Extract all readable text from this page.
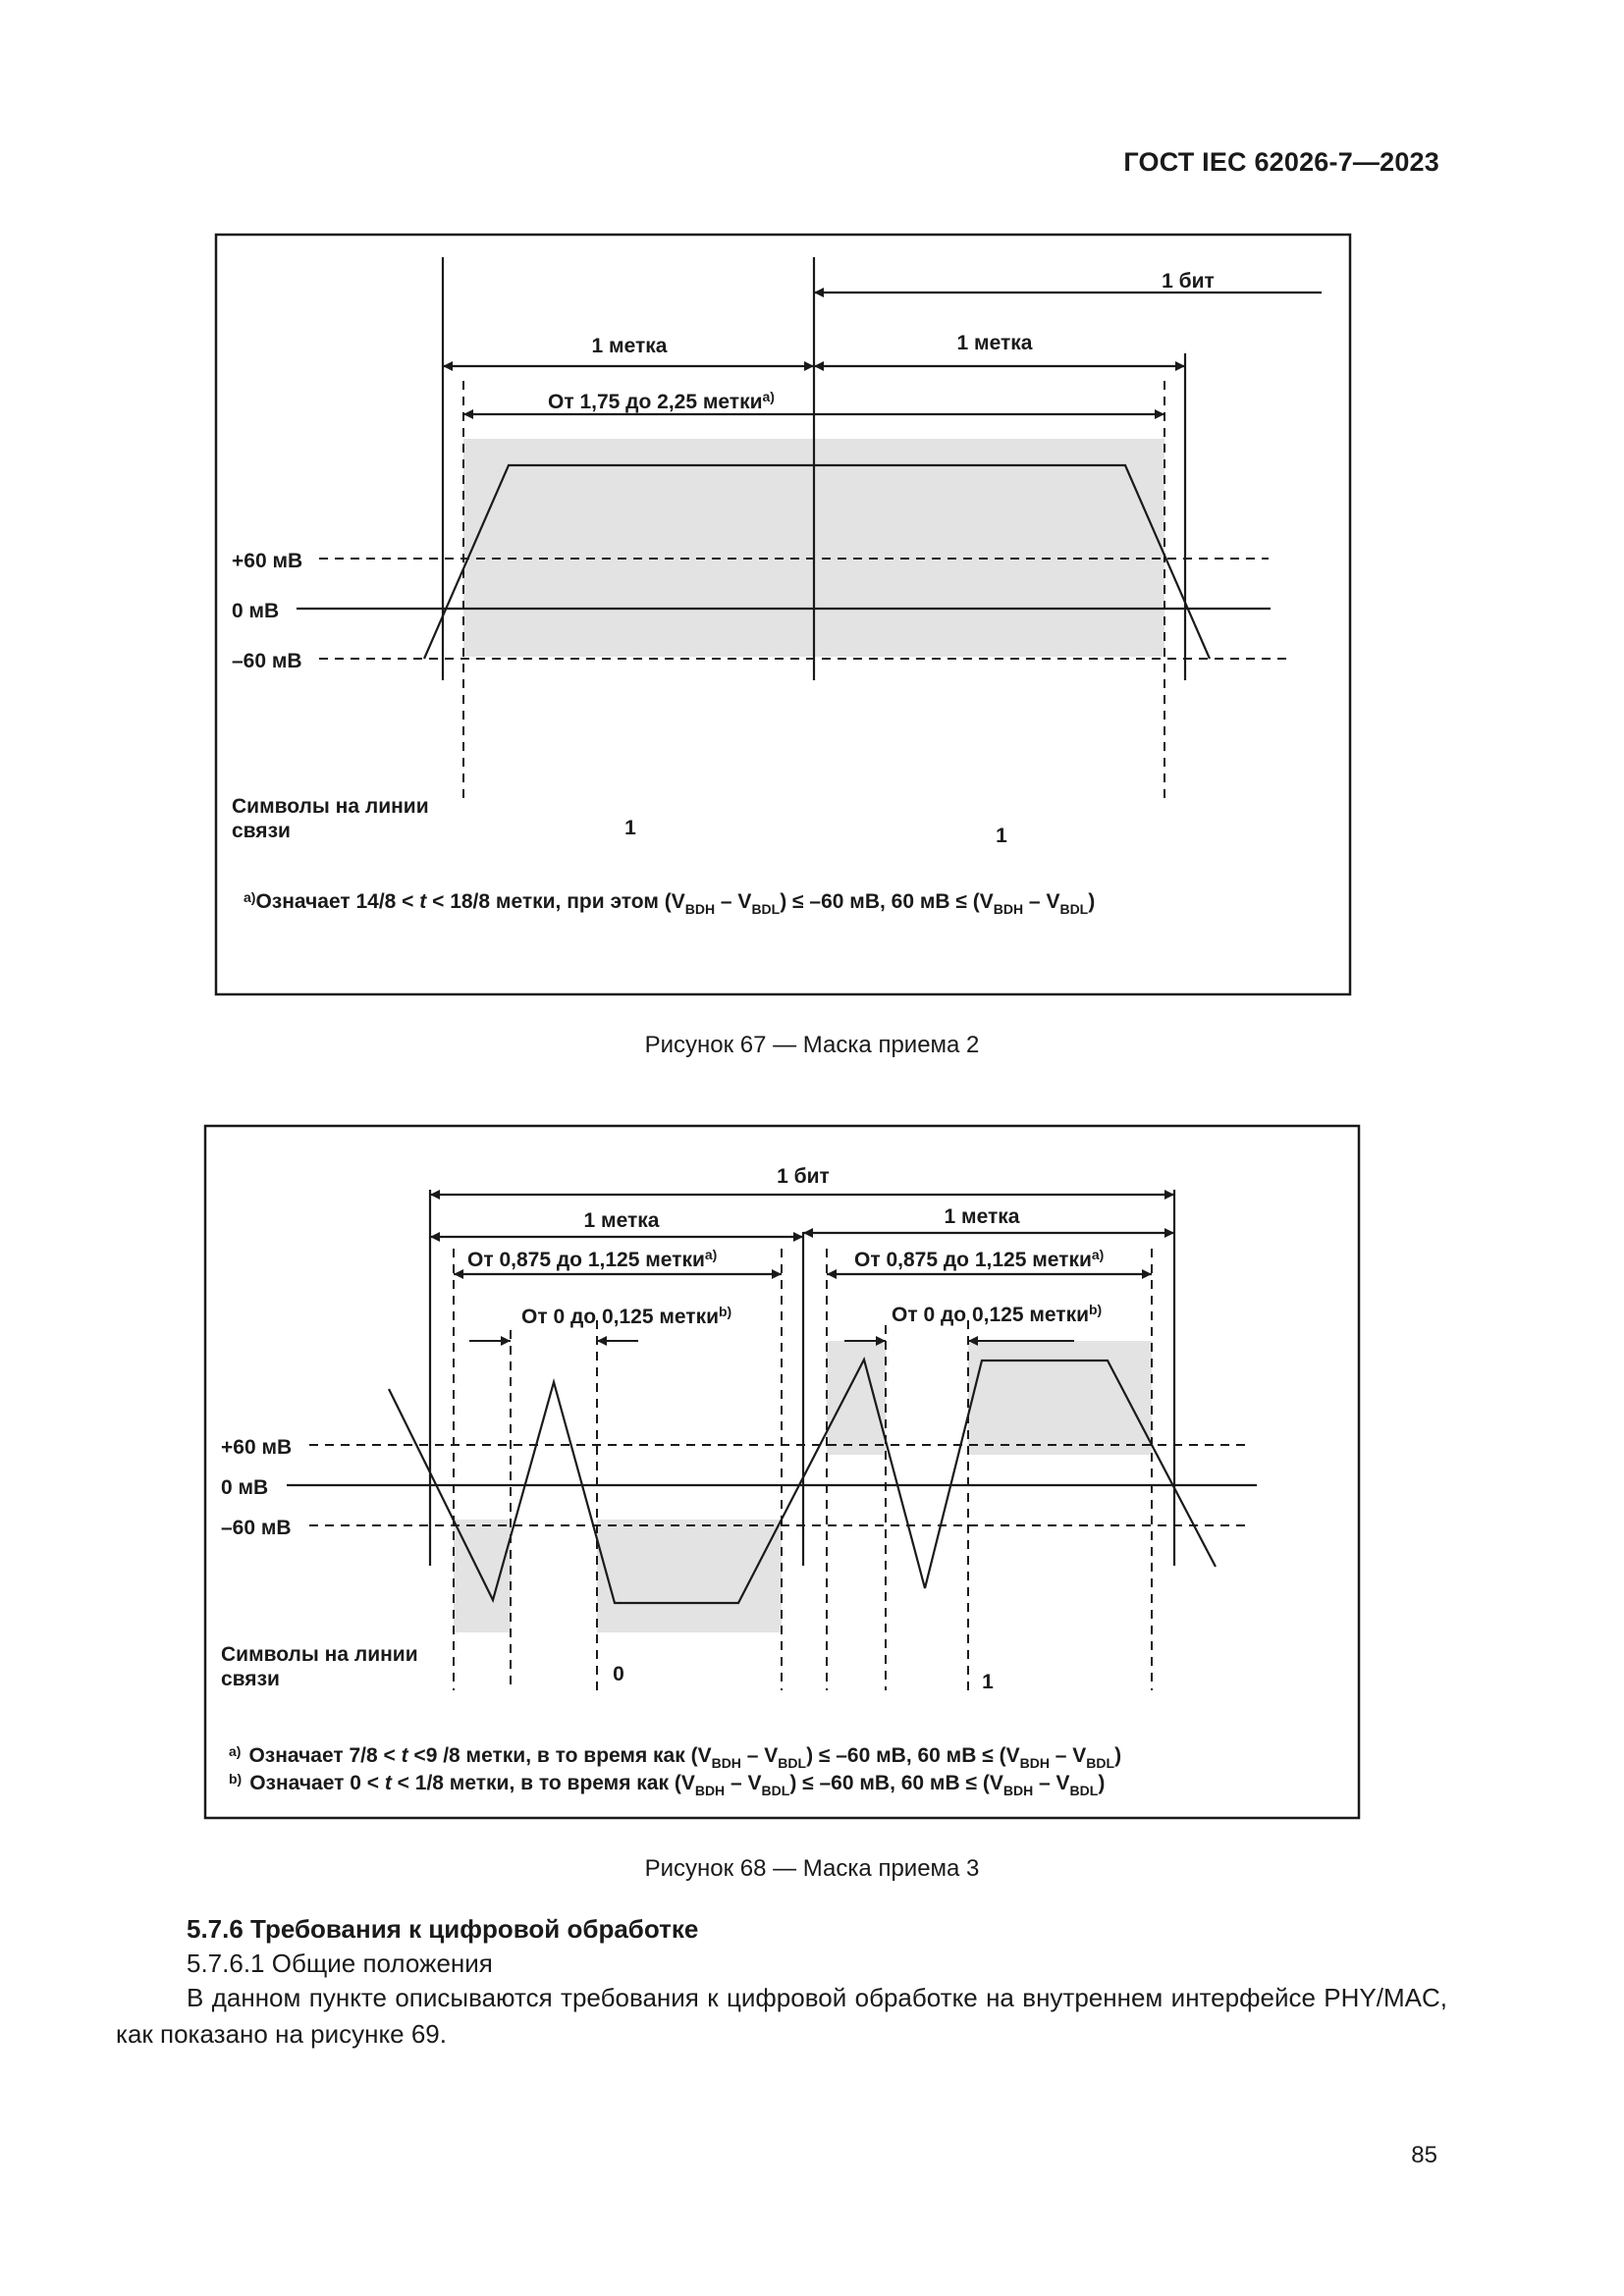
ГОСТ IEC 62026-7—2023
1 бит
1 метка	1 метка
От 1,75 до 2,25 метки$^{a)}$
+60 мВ
0 мВ
–60 мВ
Символы на линии
связи	1	1
$^{a)}$Означает 14/8 < t < 18/8 метки, при этом $(V_{BDH} - V_{BDL}) \le -60$ мВ, 60 мВ ≤ $(V_{BDH} - V_{BDL})$
Рисунок 67 — Маска приема 2
1 бит
1 метка	1 метка
От 0,875 до 1,125 метки$^{a)}$	От 0,875 до 1,125 метки$^{a)}$
От 0 до 0,125 метки$^{b)}$	От 0 до 0,125 метки$^{b)}$
+60 мВ
0 мВ
–60 мВ
Символы на линии
связи	0	1
$^{a)}$ Означает 7/8 < t <9 /8 метки, в то время как $(V_{BDH} - V_{BDL}) \le -60$ мВ, 60 мВ ≤ $(V_{BDH} - V_{BDL})$
$^{b)}$ Означает 0 < t < 1/8 метки, в то время как $(V_{BDH} - V_{BDL}) \le -60$ мВ, 60 мВ ≤ $(V_{BDH} - V_{BDL})$
Рисунок 68 — Маска приема 3
5.7.6 Требования к цифровой обработке
5.7.6.1 Общие положения
В данном пункте описываются требования к цифровой обработке на внутреннем интерфейсе PHY/MAC, как показано на рисунке 69.
85
